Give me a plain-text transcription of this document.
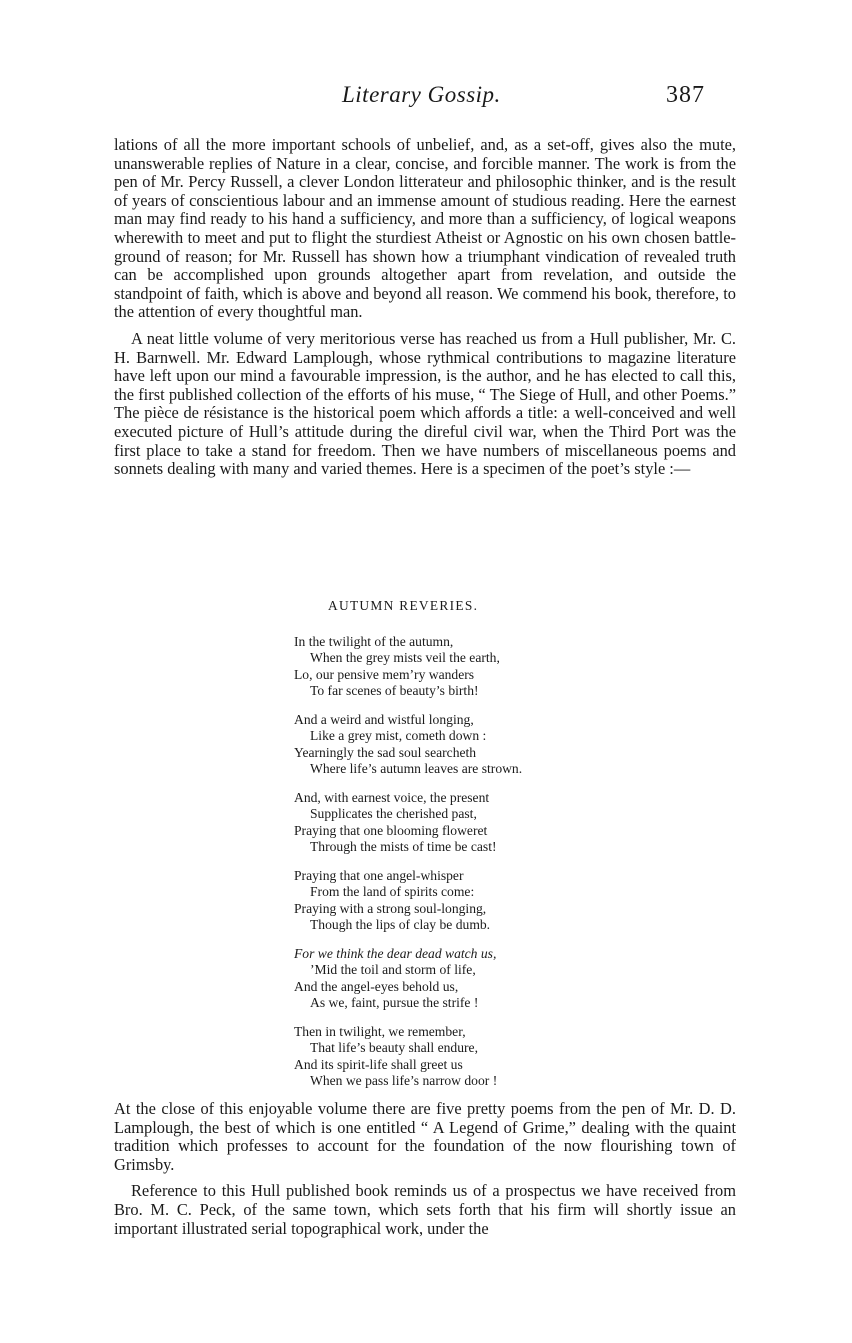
Literary Gossip.	387

lations of all the more important schools of unbelief, and, as a set-off, gives also the mute, unanswerable replies of Nature in a clear, concise, and forcible manner. The work is from the pen of Mr. Percy Russell, a clever London litterateur and philosophic thinker, and is the result of years of conscientious labour and an immense amount of studious reading. Here the earnest man may find ready to his hand a sufficiency, and more than a sufficiency, of logical weapons wherewith to meet and put to flight the sturdiest Atheist or Agnostic on his own chosen battle-ground of reason; for Mr. Russell has shown how a triumphant vindication of revealed truth can be accomplished upon grounds altogether apart from revelation, and outside the standpoint of faith, which is above and beyond all reason. We commend his book, therefore, to the attention of every thoughtful man.

A neat little volume of very meritorious verse has reached us from a Hull publisher, Mr. C. H. Barnwell. Mr. Edward Lamplough, whose rythmical contributions to magazine literature have left upon our mind a favourable impression, is the author, and he has elected to call this, the first published collection of the efforts of his muse, “ The Siege of Hull, and other Poems.” The pièce de résistance is the historical poem which affords a title: a well-conceived and well executed picture of Hull’s attitude during the direful civil war, when the Third Port was the first place to take a stand for freedom. Then we have numbers of miscellaneous poems and sonnets dealing with many and varied themes. Here is a specimen of the poet’s style :—

AUTUMN REVERIES.
In the twilight of the autumn,
When the grey mists veil the earth,
Lo, our pensive mem’ry wanders
To far scenes of beauty’s birth!
And a weird and wistful longing,
Like a grey mist, cometh down :
Yearningly the sad soul searcheth
Where life’s autumn leaves are strown.
And, with earnest voice, the present
Supplicates the cherished past,
Praying that one blooming floweret
Through the mists of time be cast!
Praying that one angel-whisper
From the land of spirits come:
Praying with a strong soul-longing,
Though the lips of clay be dumb.
For we think the dear dead watch us,
’Mid the toil and storm of life,
And the angel-eyes behold us,
As we, faint, pursue the strife !
Then in twilight, we remember,
That life’s beauty shall endure,
And its spirit-life shall greet us
When we pass life’s narrow door !

At the close of this enjoyable volume there are five pretty poems from the pen of Mr. D. D. Lamplough, the best of which is one entitled “ A Legend of Grime,” dealing with the quaint tradition which professes to account for the foundation of the now flourishing town of Grimsby.

Reference to this Hull published book reminds us of a prospectus we have received from Bro. M. C. Peck, of the same town, which sets forth that his firm will shortly issue an important illustrated serial topographical work, under the
